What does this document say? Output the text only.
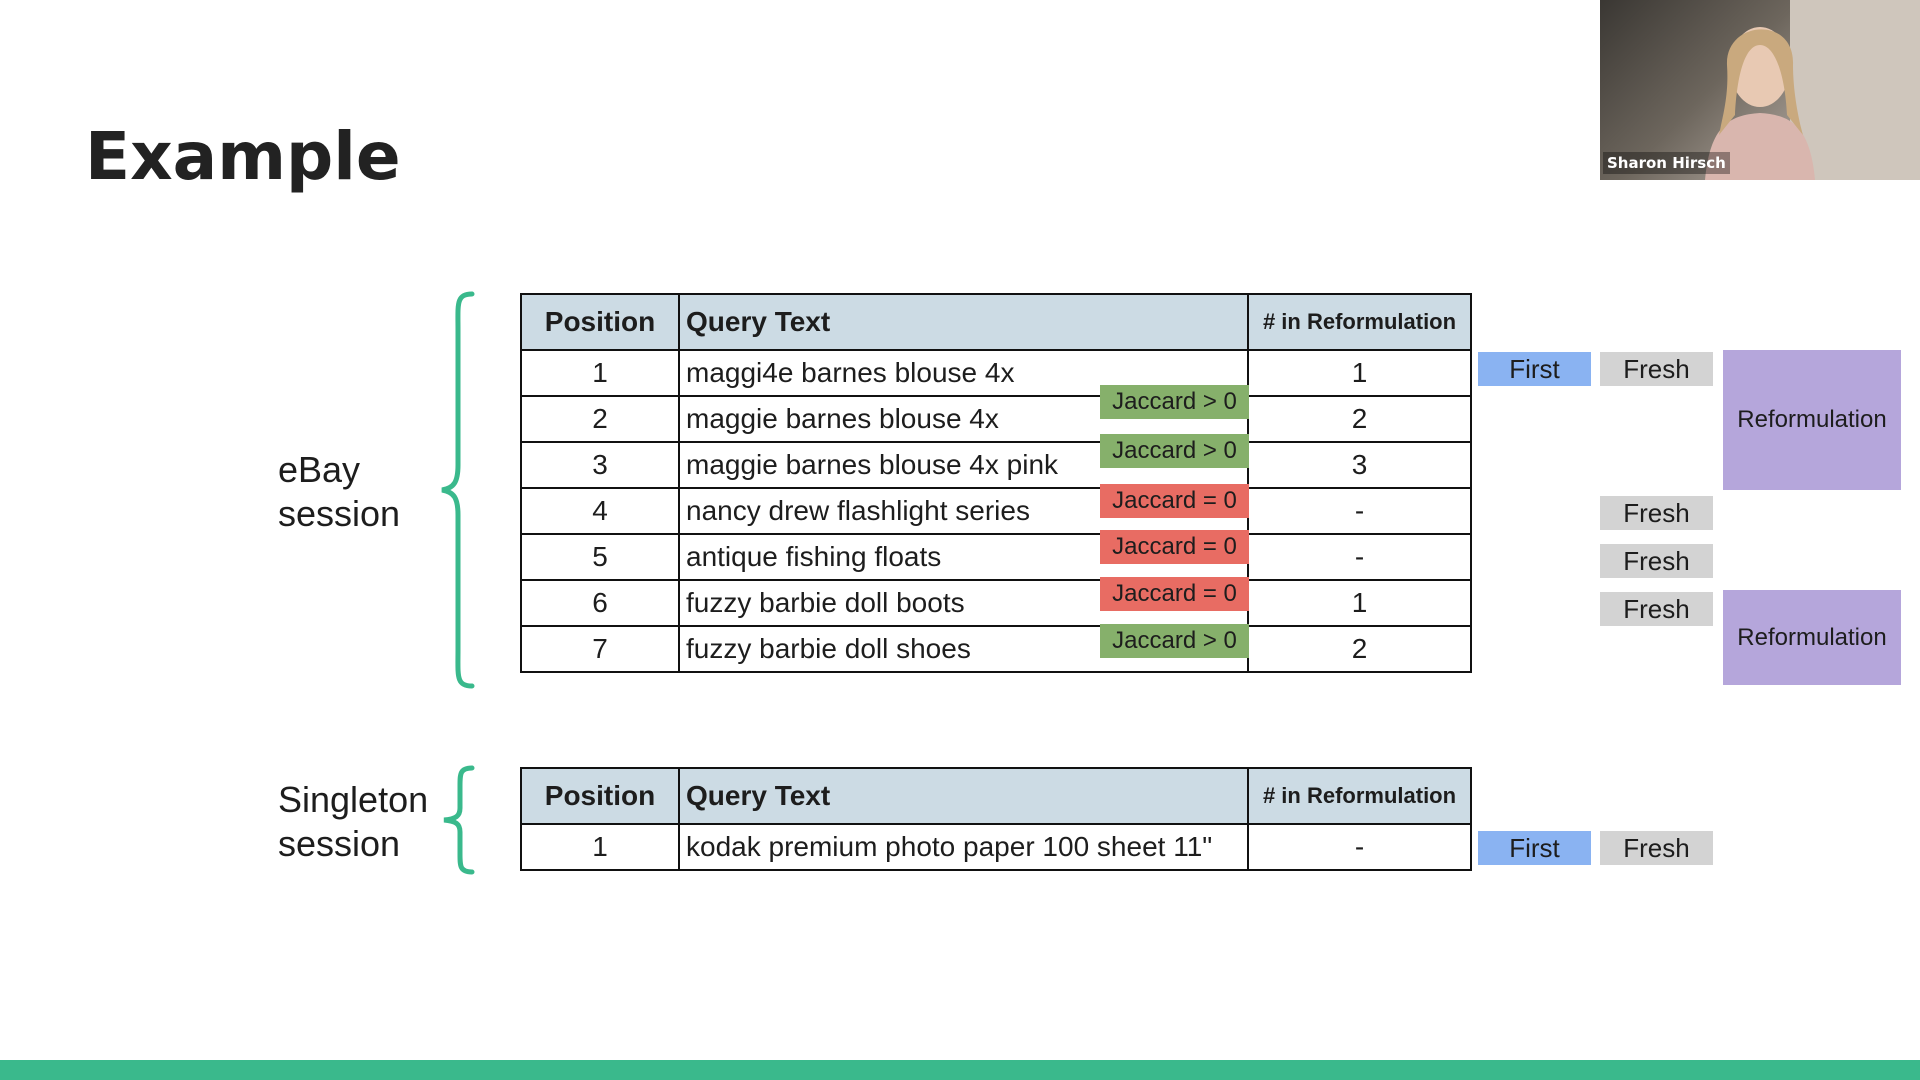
Example	Sharon Hirsch
eBay
session
Position	Query Text	# in Reformulation
1	maggi4e barnes blouse 4x	1
2	maggie barnes blouse 4x	2
3	maggie barnes blouse 4x pink	3
4	nancy drew flashlight series	-
5	antique fishing floats	-
6	fuzzy barbie doll boots	1
7	fuzzy barbie doll shoes	2
Jaccard > 0
Jaccard > 0
Jaccard = 0
Jaccard = 0
Jaccard = 0
Jaccard > 0
First	Fresh
Fresh
Fresh
Fresh
Reformulation
Reformulation
Singleton
session
Position	Query Text	# in Reformulation
1	kodak premium photo paper 100 sheet 11"	-	First	Fresh
